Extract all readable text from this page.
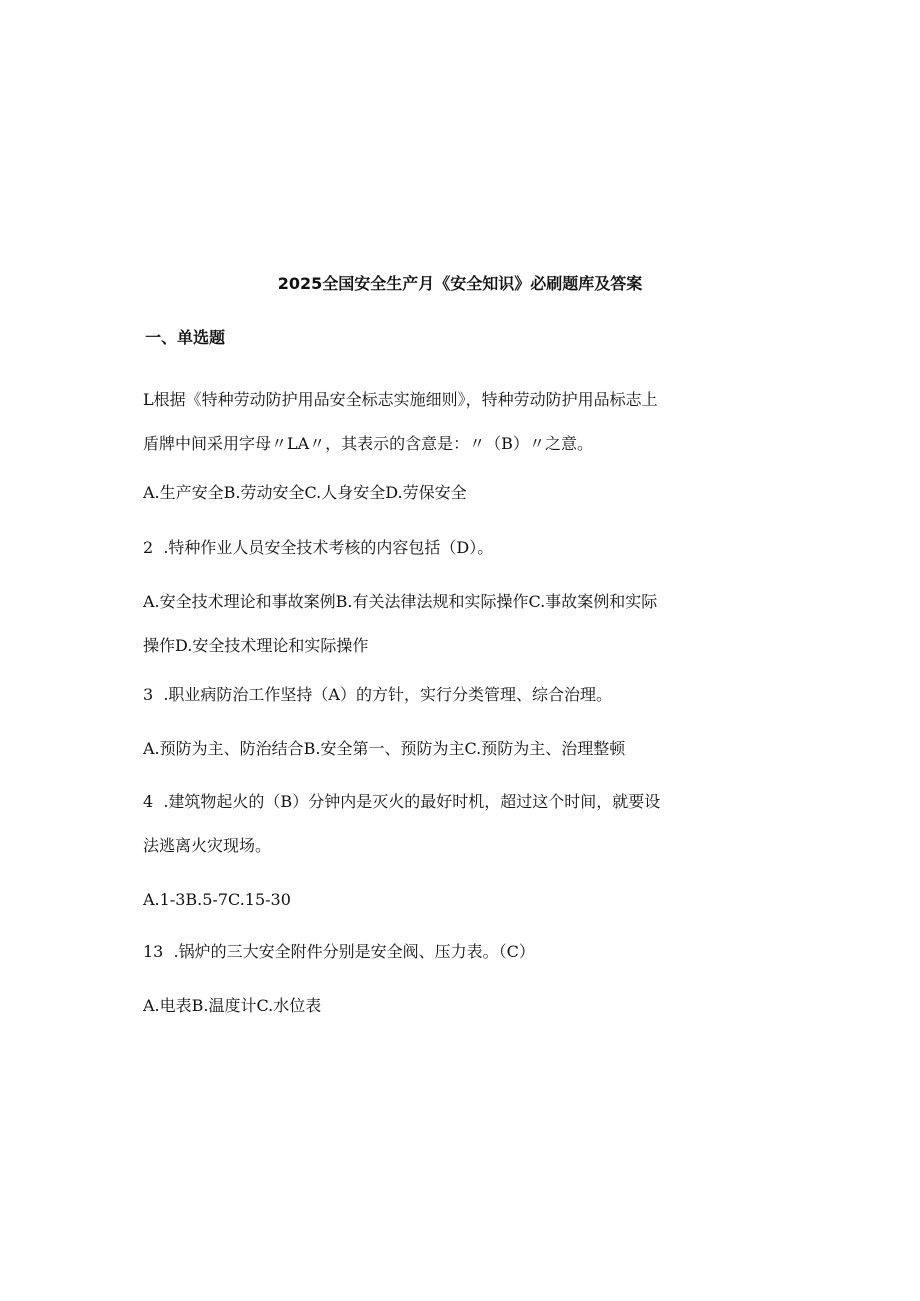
2025全国安全生产月《安全知识》必刷题库及答案
一、单选题
L根据《特种劳动防护用品安全标志实施细则》，特种劳动防护用品标志上
盾牌中间采用字母〃LA〃，其表示的含意是：〃（B）〃之意。
A.生产安全B.劳动安全C.人身安全D.劳保安全
2	.特种作业人员安全技术考核的内容包括（D）。
A.安全技术理论和事故案例B.有关法律法规和实际操作C.事故案例和实际
操作D.安全技术理论和实际操作
3	.职业病防治工作坚持（A）的方针，实行分类管理、综合治理。
A.预防为主、防治结合B.安全第一、预防为主C.预防为主、治理整顿
4	.建筑物起火的（B）分钟内是灭火的最好时机，超过这个时间，就要设
法逃离火灾现场。
A.1-3B.5-7C.15-30
13	.锅炉的三大安全附件分别是安全阀、压力表。（C）
A.电表B.温度计C.水位表
